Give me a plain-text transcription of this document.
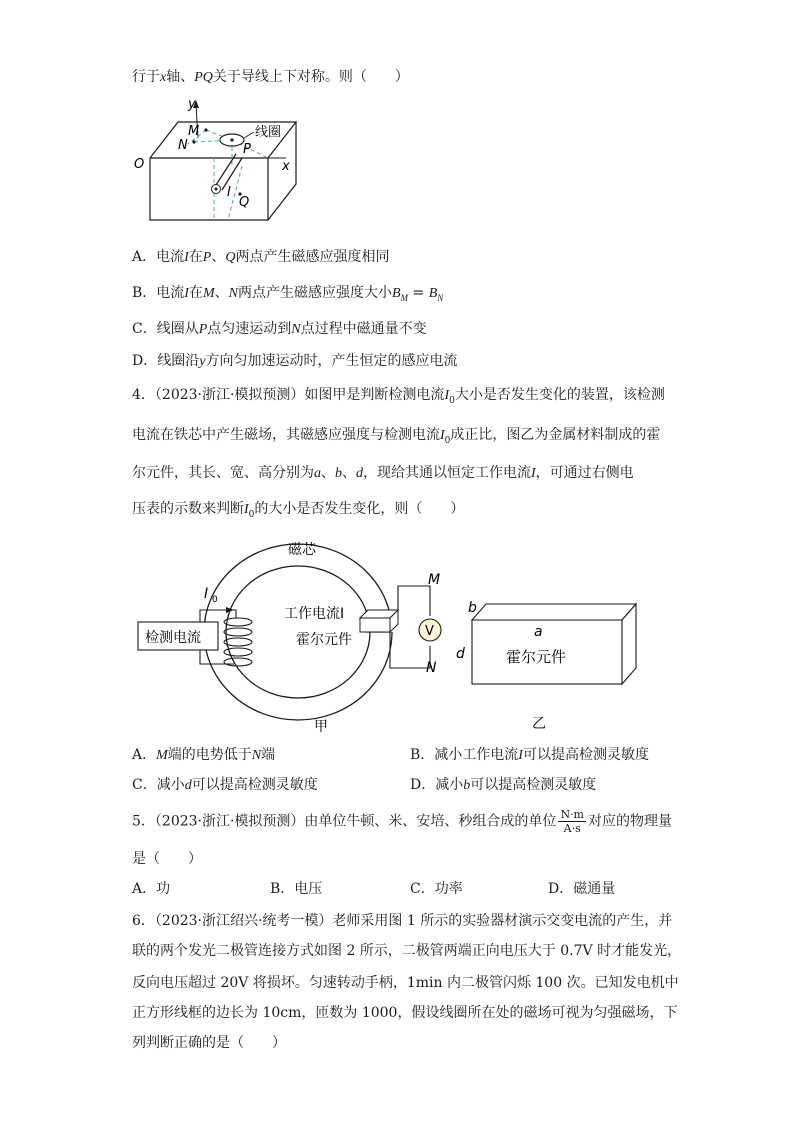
行于x轴、PQ关于导线上下对称。则（　　）
y
O
M
N
线圈
P
x
I
Q
A．电流I在P、Q两点产生磁感应强度相同
B．电流I在M、N两点产生磁感应强度大小$B_M = B_N$
C．线圈从P点匀速运动到N点过程中磁通量不变
D．线圈沿y方向匀加速运动时，产生恒定的感应电流
4．（2023·浙江·模拟预测）如图甲是判断检测电流$I_0$大小是否发生变化的装置，该检测
电流在铁芯中产生磁场，其磁感应强度与检测电流$I_0$成正比，图乙为金属材料制成的霍
尔元件，其长、宽、高分别为a、b、d，现给其通以恒定工作电流I，可通过右侧电
压表的示数来判断$I_0$的大小是否发生变化，则（　　）
检测电流
I 0
V
M
N
磁芯
工作电流I
霍尔元件
甲
b
a
d	霍尔元件
乙
A．M端的电势低于N端	B．减小工作电流I可以提高检测灵敏度
C．减小d可以提高检测灵敏度	D．减小b可以提高检测灵敏度
5．（2023·浙江·模拟预测）由单位牛顿、米、安培、秒组合成的单位 $\frac{N\cdot m}{A\cdot s}$ 对应的物理量
是（　　）
A．功	B．电压	C．功率	D．磁通量
6．（2023·浙江绍兴·统考一模）老师采用图 1 所示的实验器材演示交变电流的产生，并
联的两个发光二极管连接方式如图 2 所示，二极管两端正向电压大于 0.7V 时才能发光，
反向电压超过 20V 将损坏。匀速转动手柄，1min 内二极管闪烁 100 次。已知发电机中
正方形线框的边长为 10cm，匝数为 1000，假设线圈所在处的磁场可视为匀强磁场，下
列判断正确的是（　　）
